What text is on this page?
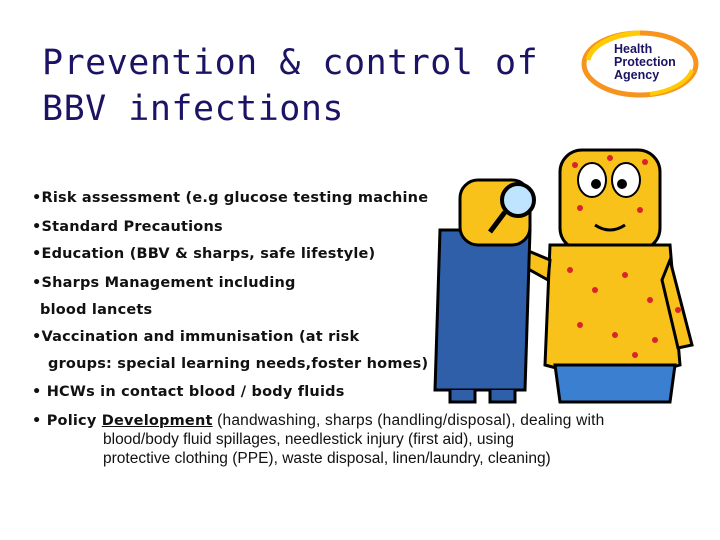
Prevention & control of
BBV infections
Health
Protection
Agency
•Risk assessment (e.g glucose testing machine
•Standard Precautions
•Education (BBV & sharps, safe lifestyle)
•Sharps Management including
blood lancets
•Vaccination and immunisation (at risk
groups: special learning needs,foster homes)
• HCWs in contact blood / body fluids
• Policy Development (handwashing, sharps (handling/disposal), dealing with
blood/body fluid spillages, needlestick injury (first aid), using
protective clothing (PPE), waste disposal, linen/laundry, cleaning)
